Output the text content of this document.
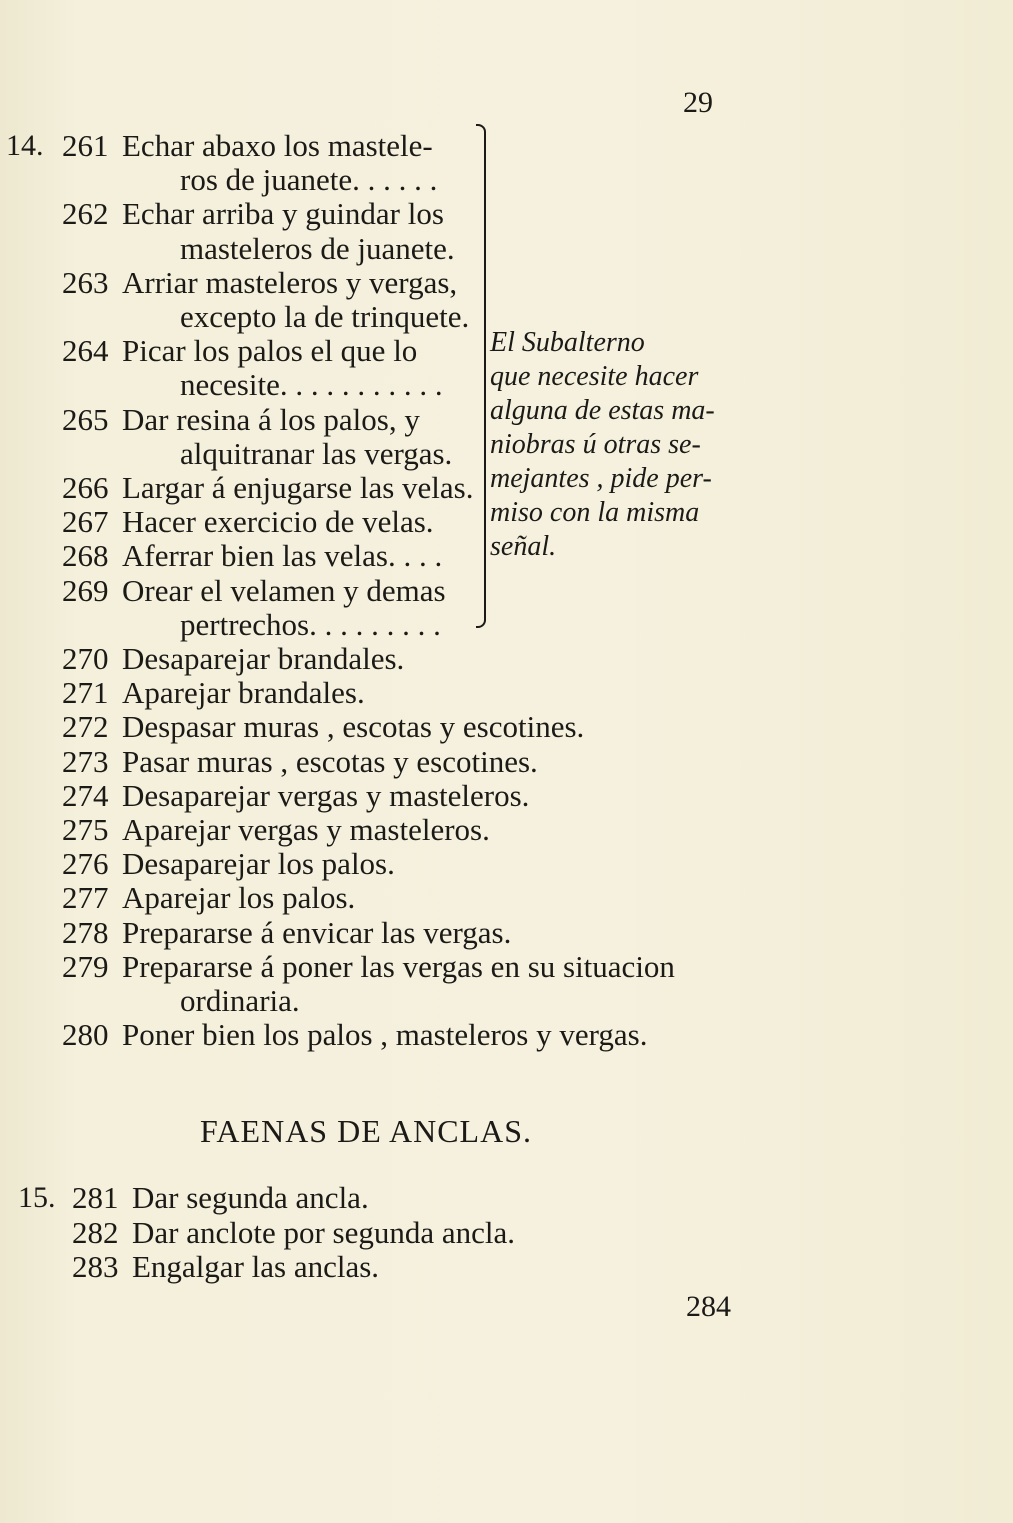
29
14. 261 Echar abaxo los mastele-
ros de juanete. . . . . .
262 Echar arriba y guindar los
masteleros de juanete.
263 Arriar masteleros y vergas,
excepto la de trinquete.
264 Picar los palos el que lo
necesite. . . . . . . . . . .
265 Dar resina á los palos, y
alquitranar las vergas.
266 Largar á enjugarse las velas.
267 Hacer exercicio de velas.
268 Aferrar bien las velas. . . .
269 Orear el velamen y demas
pertrechos. . . . . . . . .
270 Desaparejar brandales.
271 Aparejar brandales.
272 Despasar muras , escotas y escotines.
273 Pasar muras , escotas y escotines.
274 Desaparejar vergas y masteleros.
275 Aparejar vergas y masteleros.
276 Desaparejar los palos.
277 Aparejar los palos.
278 Prepararse á envicar las vergas.
279 Prepararse á poner las vergas en su situacion
ordinaria.
280 Poner bien los palos , masteleros y vergas.
El Subalterno
que necesite hacer
alguna de estas ma-
niobras ú otras se-
mejantes , pide per-
miso con la misma
señal.
FAENAS DE ANCLAS.
15. 281 Dar segunda ancla.
282 Dar anclote por segunda ancla.
283 Engalgar las anclas.
284
